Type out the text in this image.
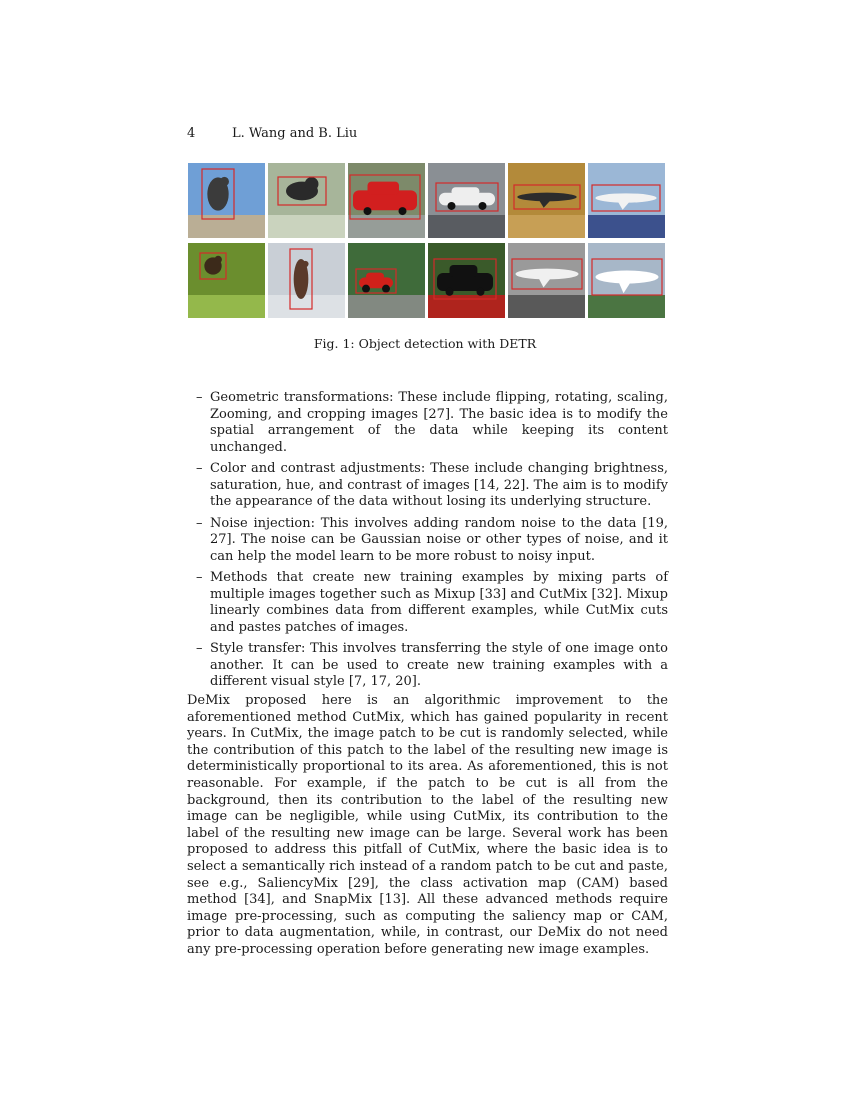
4	L. Wang and B. Liu
Fig. 1: Object detection with DETR
– Geometric transformations: These include flipping, rotating, scaling, Zooming, and cropping images [27]. The basic idea is to modify the spatial arrangement of the data while keeping its content unchanged.
– Color and contrast adjustments: These include changing brightness, saturation, hue, and contrast of images [14, 22]. The aim is to modify the appearance of the data without losing its underlying structure.
– Noise injection: This involves adding random noise to the data [19, 27]. The noise can be Gaussian noise or other types of noise, and it can help the model learn to be more robust to noisy input.
– Methods that create new training examples by mixing parts of multiple images together such as Mixup [33] and CutMix [32]. Mixup linearly combines data from different examples, while CutMix cuts and pastes patches of images.
– Style transfer: This involves transferring the style of one image onto another. It can be used to create new training examples with a different visual style [7, 17, 20].

DeMix proposed here is an algorithmic improvement to the aforementioned method CutMix, which has gained popularity in recent years. In CutMix, the image patch to be cut is randomly selected, while the contribution of this patch to the label of the resulting new image is deterministically proportional to its area. As aforementioned, this is not reasonable. For example, if the patch to be cut is all from the background, then its contribution to the label of the resulting new image can be negligible, while using CutMix, its contribution to the label of the resulting new image can be large. Several work has been proposed to address this pitfall of CutMix, where the basic idea is to select a semantically rich instead of a random patch to be cut and paste, see e.g., SaliencyMix [29], the class activation map (CAM) based method [34], and SnapMix [13]. All these advanced methods require image pre-processing, such as computing the saliency map or CAM, prior to data augmentation, while, in contrast, our DeMix do not need any pre-processing operation before generating new image examples.
